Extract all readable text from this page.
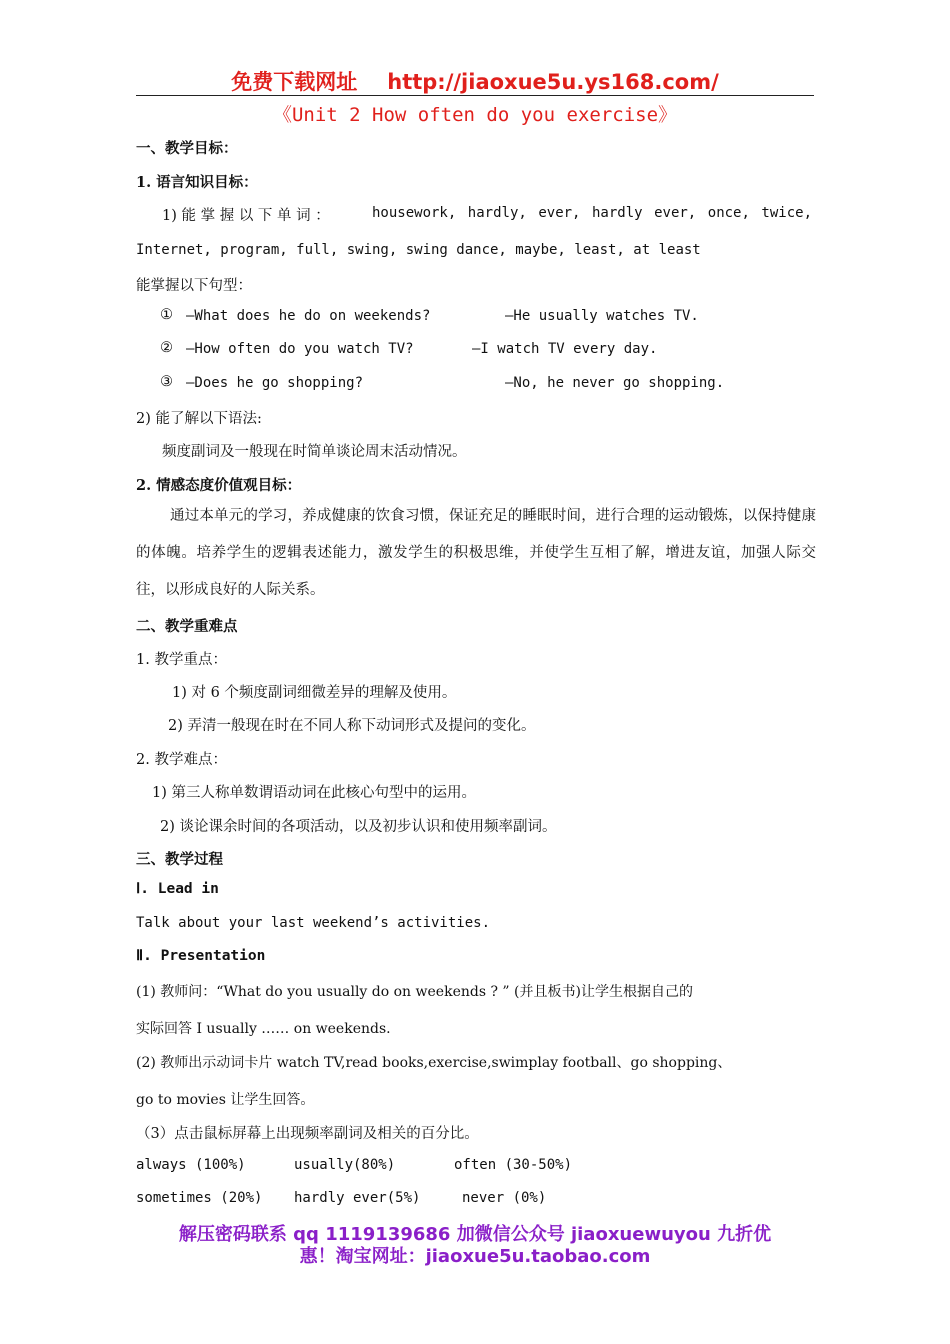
免费下载网址 http://jiaoxue5u.ys168.com/
《Unit 2 How often do you exercise》
一、教学目标：
1. 语言知识目标：
1) 能 掌 握 以 下 单 词 ：	housework, hardly, ever, hardly ever, once, twice,
Internet, program, full, swing, swing dance, maybe, least, at least
能掌握以下句型：
① —What does he do on weekends?	—He usually watches TV.
② —How often do you watch TV?	—I watch TV every day.
③ —Does he go shopping?	—No, he never go shopping.
2) 能了解以下语法:
频度副词及一般现在时简单谈论周末活动情况。
2. 情感态度价值观目标：
通过本单元的学习，养成健康的饮食习惯，保证充足的睡眠时间，进行合理的运动锻炼，以保持健康的体魄。培养学生的逻辑表述能力，激发学生的积极思维，并使学生互相了解，增进友谊，加强人际交往，以形成良好的人际关系。
二、教学重难点
1. 教学重点：
1) 对 6 个频度副词细微差异的理解及使用。
2) 弄清一般现在时在不同人称下动词形式及提问的变化。
2. 教学难点：
1) 第三人称单数谓语动词在此核心句型中的运用。
2) 谈论课余时间的各项活动，以及初步认识和使用频率副词。
三、教学过程
Ⅰ. Lead in
Talk about your last weekend’s activities.
Ⅱ. Presentation
(1) 教师问：“What do you usually do on weekends ? ” (并且板书)让学生根据自己的
实际回答 I usually …… on weekends.
(2) 教师出示动词卡片 watch TV,read books,exercise,swimplay football、go shopping、
go to movies 让学生回答。
（3）点击鼠标屏幕上出现频率副词及相关的百分比。
always (100%)	usually(80%)	often (30-50%)
sometimes (20%) hardly ever(5%)	never (0%)
解压密码联系 qq 1119139686 加微信公众号 jiaoxuewuyou 九折优
惠！淘宝网址：jiaoxue5u.taobao.com
